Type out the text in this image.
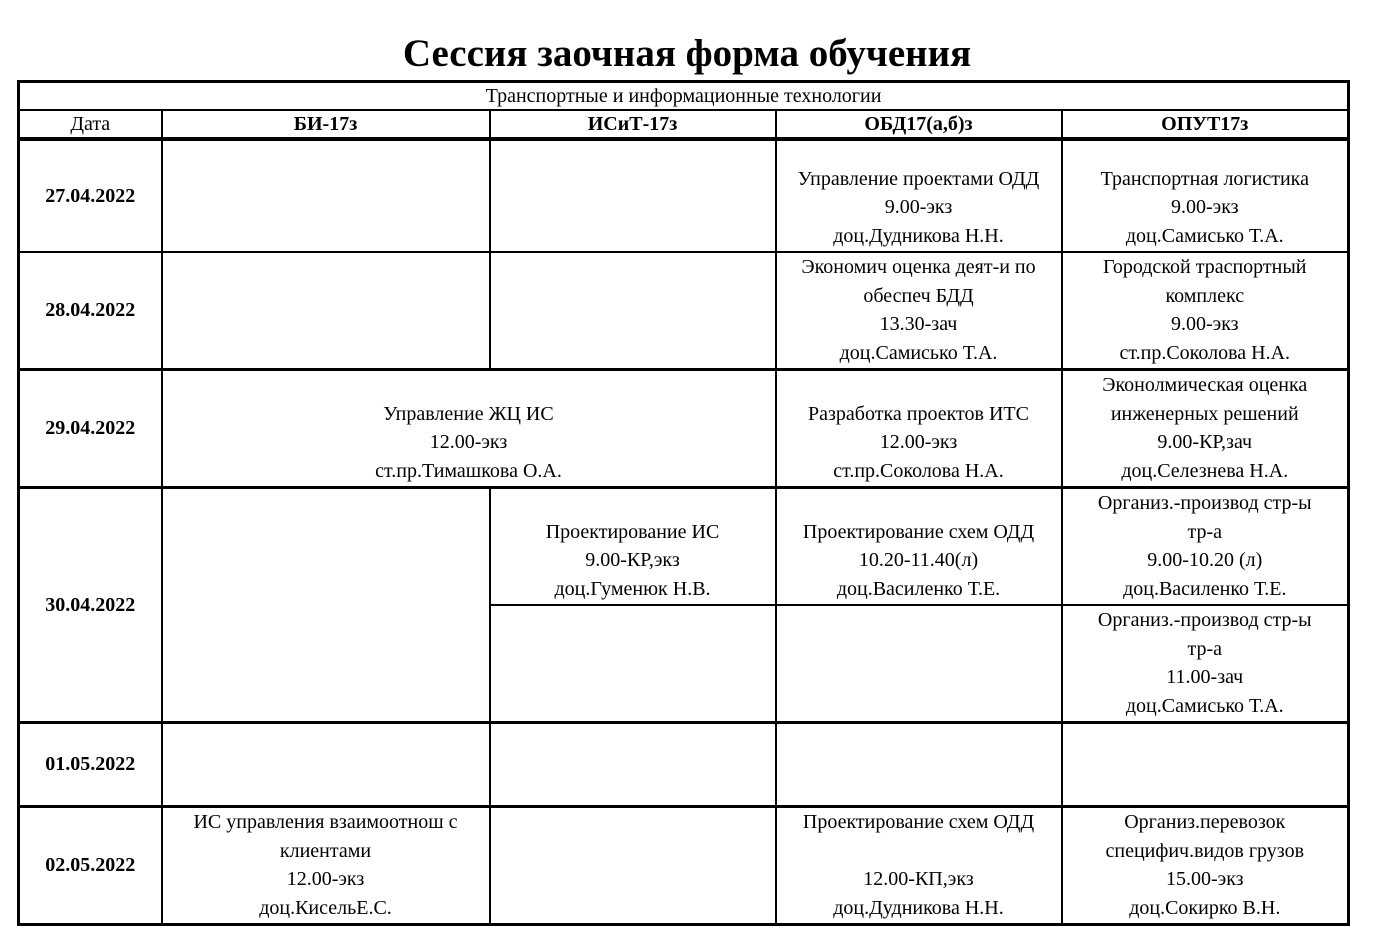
Сессия заочная форма обучения
Транспортные и информационные технологии				
Дата	БИ-17з	ИСиТ-17з	ОБД17(а,б)з	ОПУТ17з
27.04.2022			Управление проектами ОДД
9.00-экз
доц.Дудникова Н.Н.	Транспортная логистика
9.00-экз
доц.Самисько Т.А.

28.04.2022			Экономич оценка деят-и по
обеспеч БДД
13.30-зач
доц.Самисько Т.А.	Городской траспортный
комплекс
9.00-экз
ст.пр.Соколова Н.А.

29.04.2022	Управление ЖЦ ИС
12.00-экз
ст.пр.Тимашкова О.А.		Разработка проектов ИТС
12.00-экз
ст.пр.Соколова Н.А.	Эконолмическая оценка
инженерных решений
9.00-КР,зач
доц.Селезнева Н.А.

30.04.2022		Проектирование ИС
9.00-КР,экз
доц.Гуменюк Н.В.	Проектирование схем ОДД
10.20-11.40(л)
доц.Василенко Т.Е.	Организ.-производ стр-ы
тр-а
9.00-10.20 (л)
доц.Василенко Т.Е.

				Организ.-производ стр-ы
тр-а
11.00-зач
доц.Самисько Т.А.

01.05.2022				
02.05.2022	ИС управления взаимоотнош с
клиентами
12.00-экз
доц.КисельЕ.С.		Проектирование схем ОДД
12.00-КП,экз
доц.Дудникова Н.Н.	Организ.перевозок
специфич.видов грузов
15.00-экз
доц.Сокирко В.Н.
